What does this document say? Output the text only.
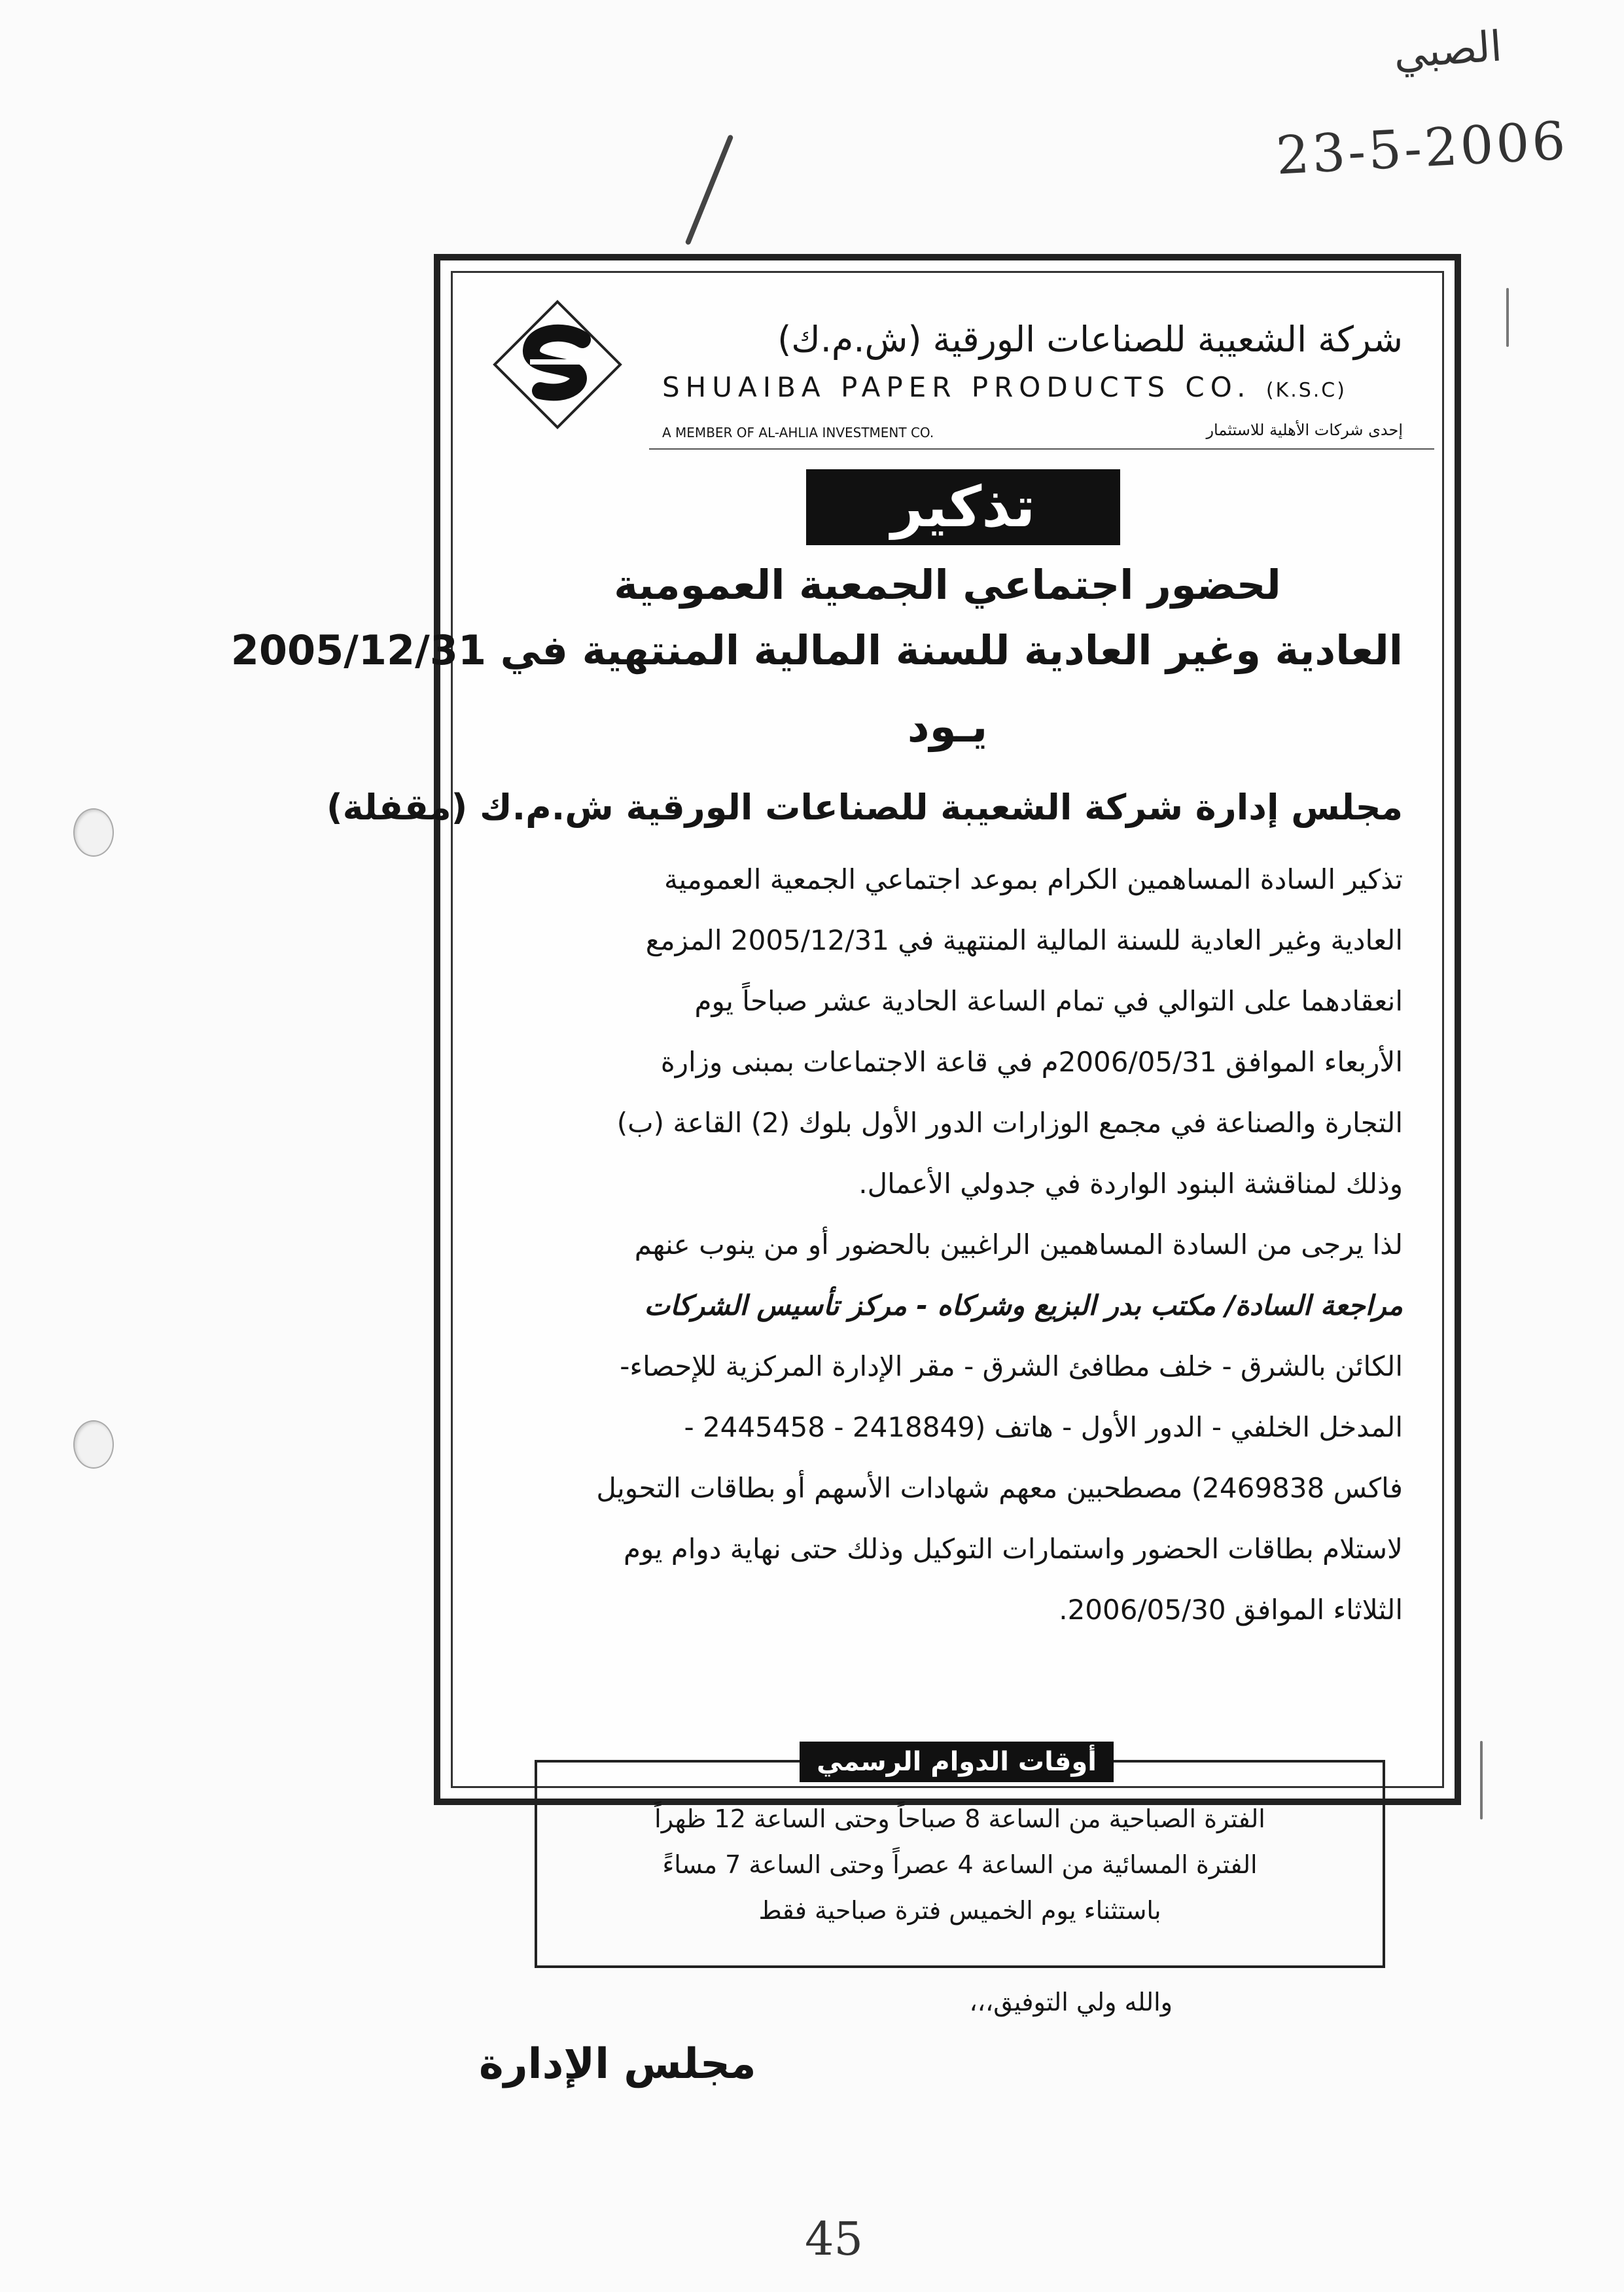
الصبي
23-5-2006
45
شركة الشعيبة للصناعات الورقية (ش.م.ك)
SHUAIBA PAPER PRODUCTS CO. (K.S.C)
A MEMBER OF AL-AHLIA INVESTMENT CO.	إحدى شركات الأهلية للاستثمار
تذكير
لحضور اجتماعي الجمعية العمومية
العادية وغير العادية للسنة المالية المنتهية في 2005/12/31
يـود
مجلس إدارة شركة الشعيبة للصناعات الورقية ش.م.ك (مقفلة)
تذكير السادة المساهمين الكرام بموعد اجتماعي الجمعية العمومية
العادية وغير العادية للسنة المالية المنتهية في 2005/12/31 المزمع
انعقادهما على التوالي في تمام الساعة الحادية عشر صباحاً يوم
الأربعاء الموافق 2006/05/31م في قاعة الاجتماعات بمبنى وزارة
التجارة والصناعة في مجمع الوزارات الدور الأول بلوك (2) القاعة (ب)
وذلك لمناقشة البنود الواردة في جدولي الأعمال.
لذا يرجى من السادة المساهمين الراغبين بالحضور أو من ينوب عنهم
مراجعة السادة/ مكتب بدر البزيع وشركاه - مركز تأسيس الشركات
الكائن بالشرق - خلف مطافئ الشرق - مقر الإدارة المركزية للإحصاء-
المدخل الخلفي - الدور الأول - هاتف (2418849 - 2445458 -
فاكس 2469838) مصطحبين معهم شهادات الأسهم أو بطاقات التحويل
لاستلام بطاقات الحضور واستمارات التوكيل وذلك حتى نهاية دوام يوم
الثلاثاء الموافق 2006/05/30.
أوقات الدوام الرسمي
الفترة الصباحية من الساعة 8 صباحاً وحتى الساعة 12 ظهراً
الفترة المسائية من الساعة 4 عصراً وحتى الساعة 7 مساءً
باستثناء يوم الخميس فترة صباحية فقط
والله ولي التوفيق،،،
مجلس الإدارة
